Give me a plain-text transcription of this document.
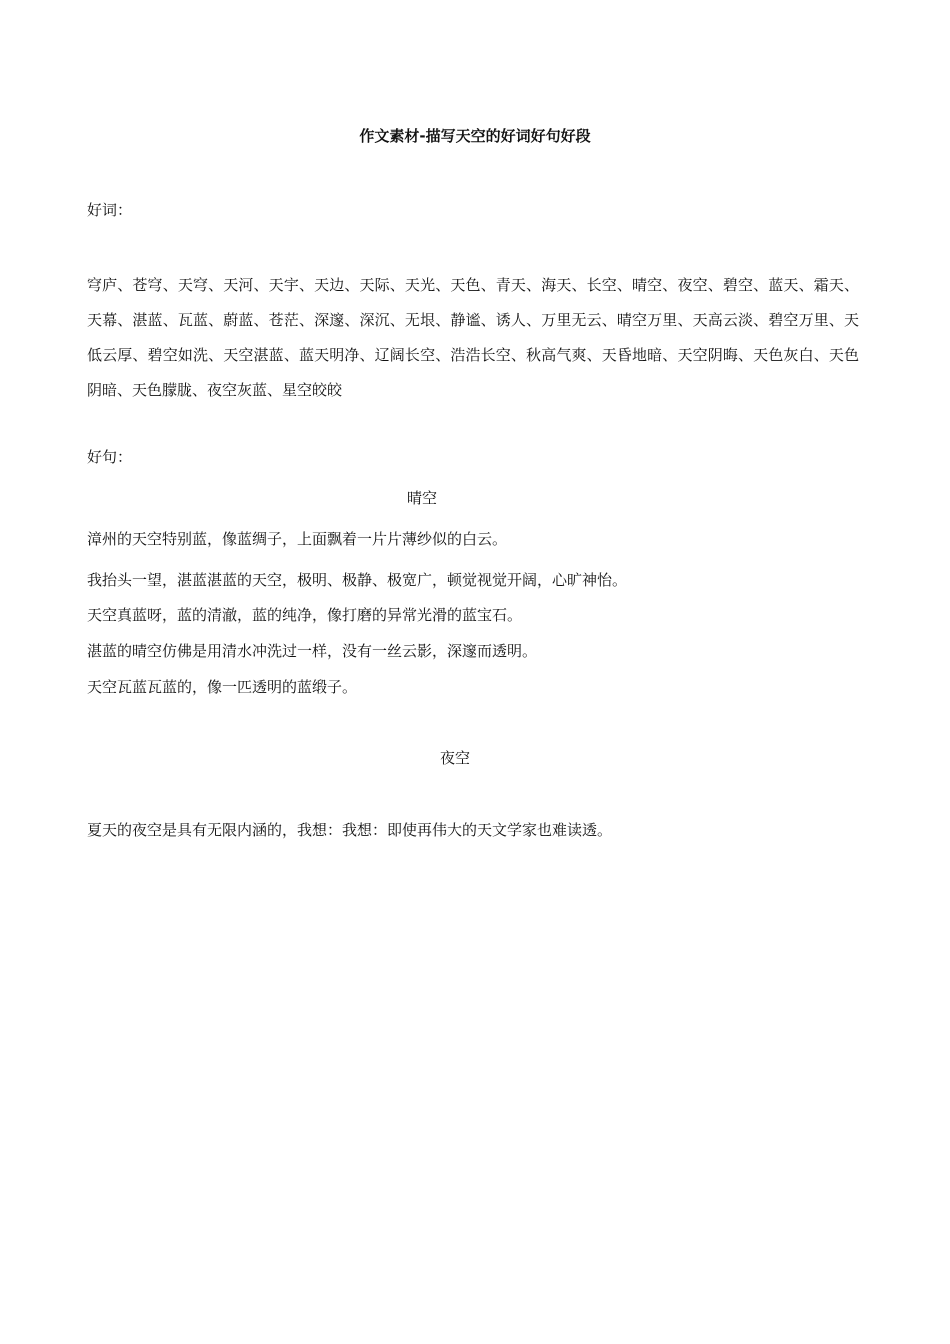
作文素材-描写天空的好词好句好段
好词：
穹庐、苍穹、天穹、天河、天宇、天边、天际、天光、天色、青天、海天、长空、晴空、夜空、碧空、蓝天、霜天、天幕、湛蓝、瓦蓝、蔚蓝、苍茫、深邃、深沉、无垠、静谧、诱人、万里无云、晴空万里、天高云淡、碧空万里、天低云厚、碧空如洗、天空湛蓝、蓝天明净、辽阔长空、浩浩长空、秋高气爽、天昏地暗、天空阴晦、天色灰白、天色阴暗、天色朦胧、夜空灰蓝、星空皎皎
好句：
晴空
漳州的天空特别蓝，像蓝绸子，上面飘着一片片薄纱似的白云。
我抬头一望，湛蓝湛蓝的天空，极明、极静、极宽广，顿觉视觉开阔，心旷神怡。
天空真蓝呀，蓝的清澈，蓝的纯净，像打磨的异常光滑的蓝宝石。
湛蓝的晴空仿佛是用清水冲洗过一样，没有一丝云影，深邃而透明。
天空瓦蓝瓦蓝的，像一匹透明的蓝缎子。
夜空
夏天的夜空是具有无限内涵的，我想：我想：即使再伟大的天文学家也难读透。
